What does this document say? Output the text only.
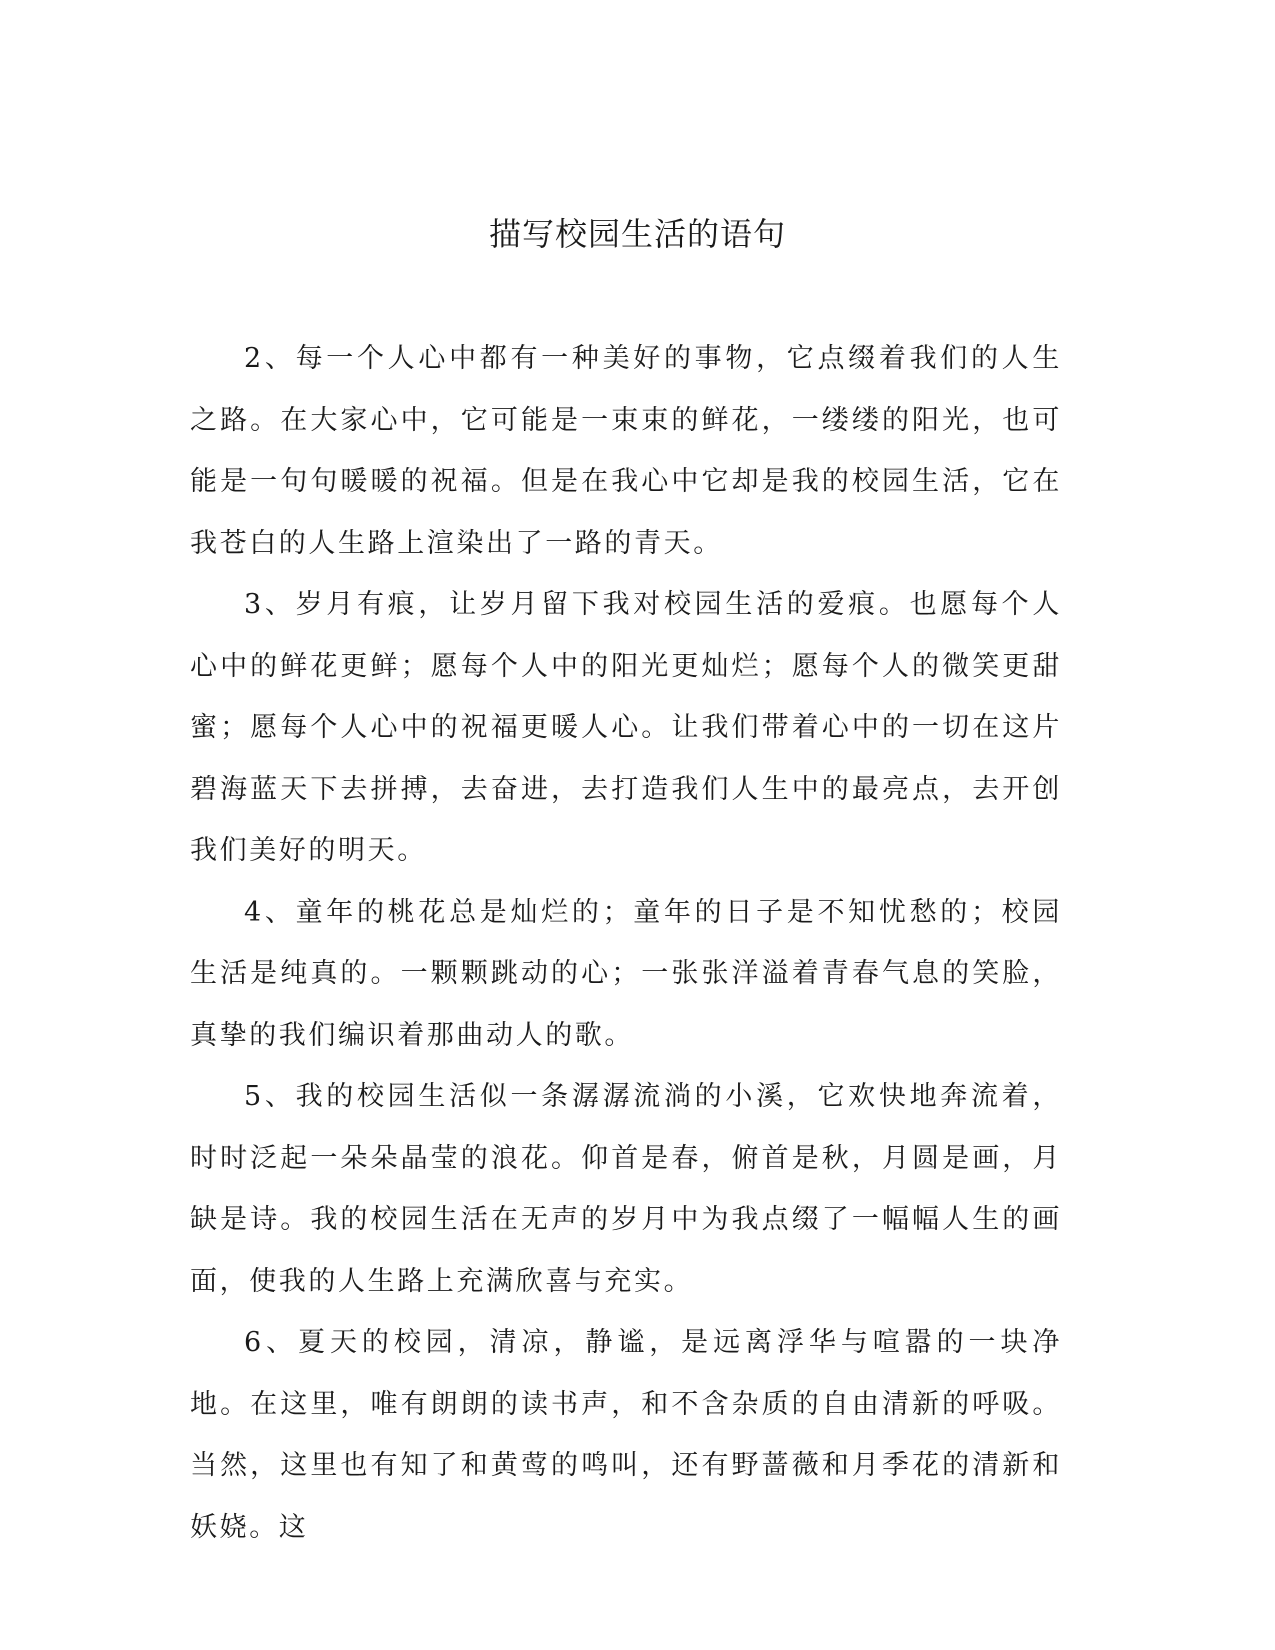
描写校园生活的语句

2、每一个人心中都有一种美好的事物，它点缀着我们的人生之路。在大家心中，它可能是一束束的鲜花，一缕缕的阳光，也可能是一句句暖暖的祝福。但是在我心中它却是我的校园生活，它在我苍白的人生路上渲染出了一路的青天。

3、岁月有痕，让岁月留下我对校园生活的爱痕。也愿每个人心中的鲜花更鲜；愿每个人中的阳光更灿烂；愿每个人的微笑更甜蜜；愿每个人心中的祝福更暖人心。让我们带着心中的一切在这片碧海蓝天下去拼搏，去奋进，去打造我们人生中的最亮点，去开创我们美好的明天。

4、童年的桃花总是灿烂的；童年的日子是不知忧愁的；校园生活是纯真的。一颗颗跳动的心；一张张洋溢着青春气息的笑脸，真挚的我们编识着那曲动人的歌。

5、我的校园生活似一条潺潺流淌的小溪，它欢快地奔流着，时时泛起一朵朵晶莹的浪花。仰首是春，俯首是秋，月圆是画，月缺是诗。我的校园生活在无声的岁月中为我点缀了一幅幅人生的画面，使我的人生路上充满欣喜与充实。

6、夏天的校园，清凉，静谧，是远离浮华与喧嚣的一块净地。在这里，唯有朗朗的读书声，和不含杂质的自由清新的呼吸。当然，这里也有知了和黄莺的鸣叫，还有野蔷薇和月季花的清新和妖娆。这
